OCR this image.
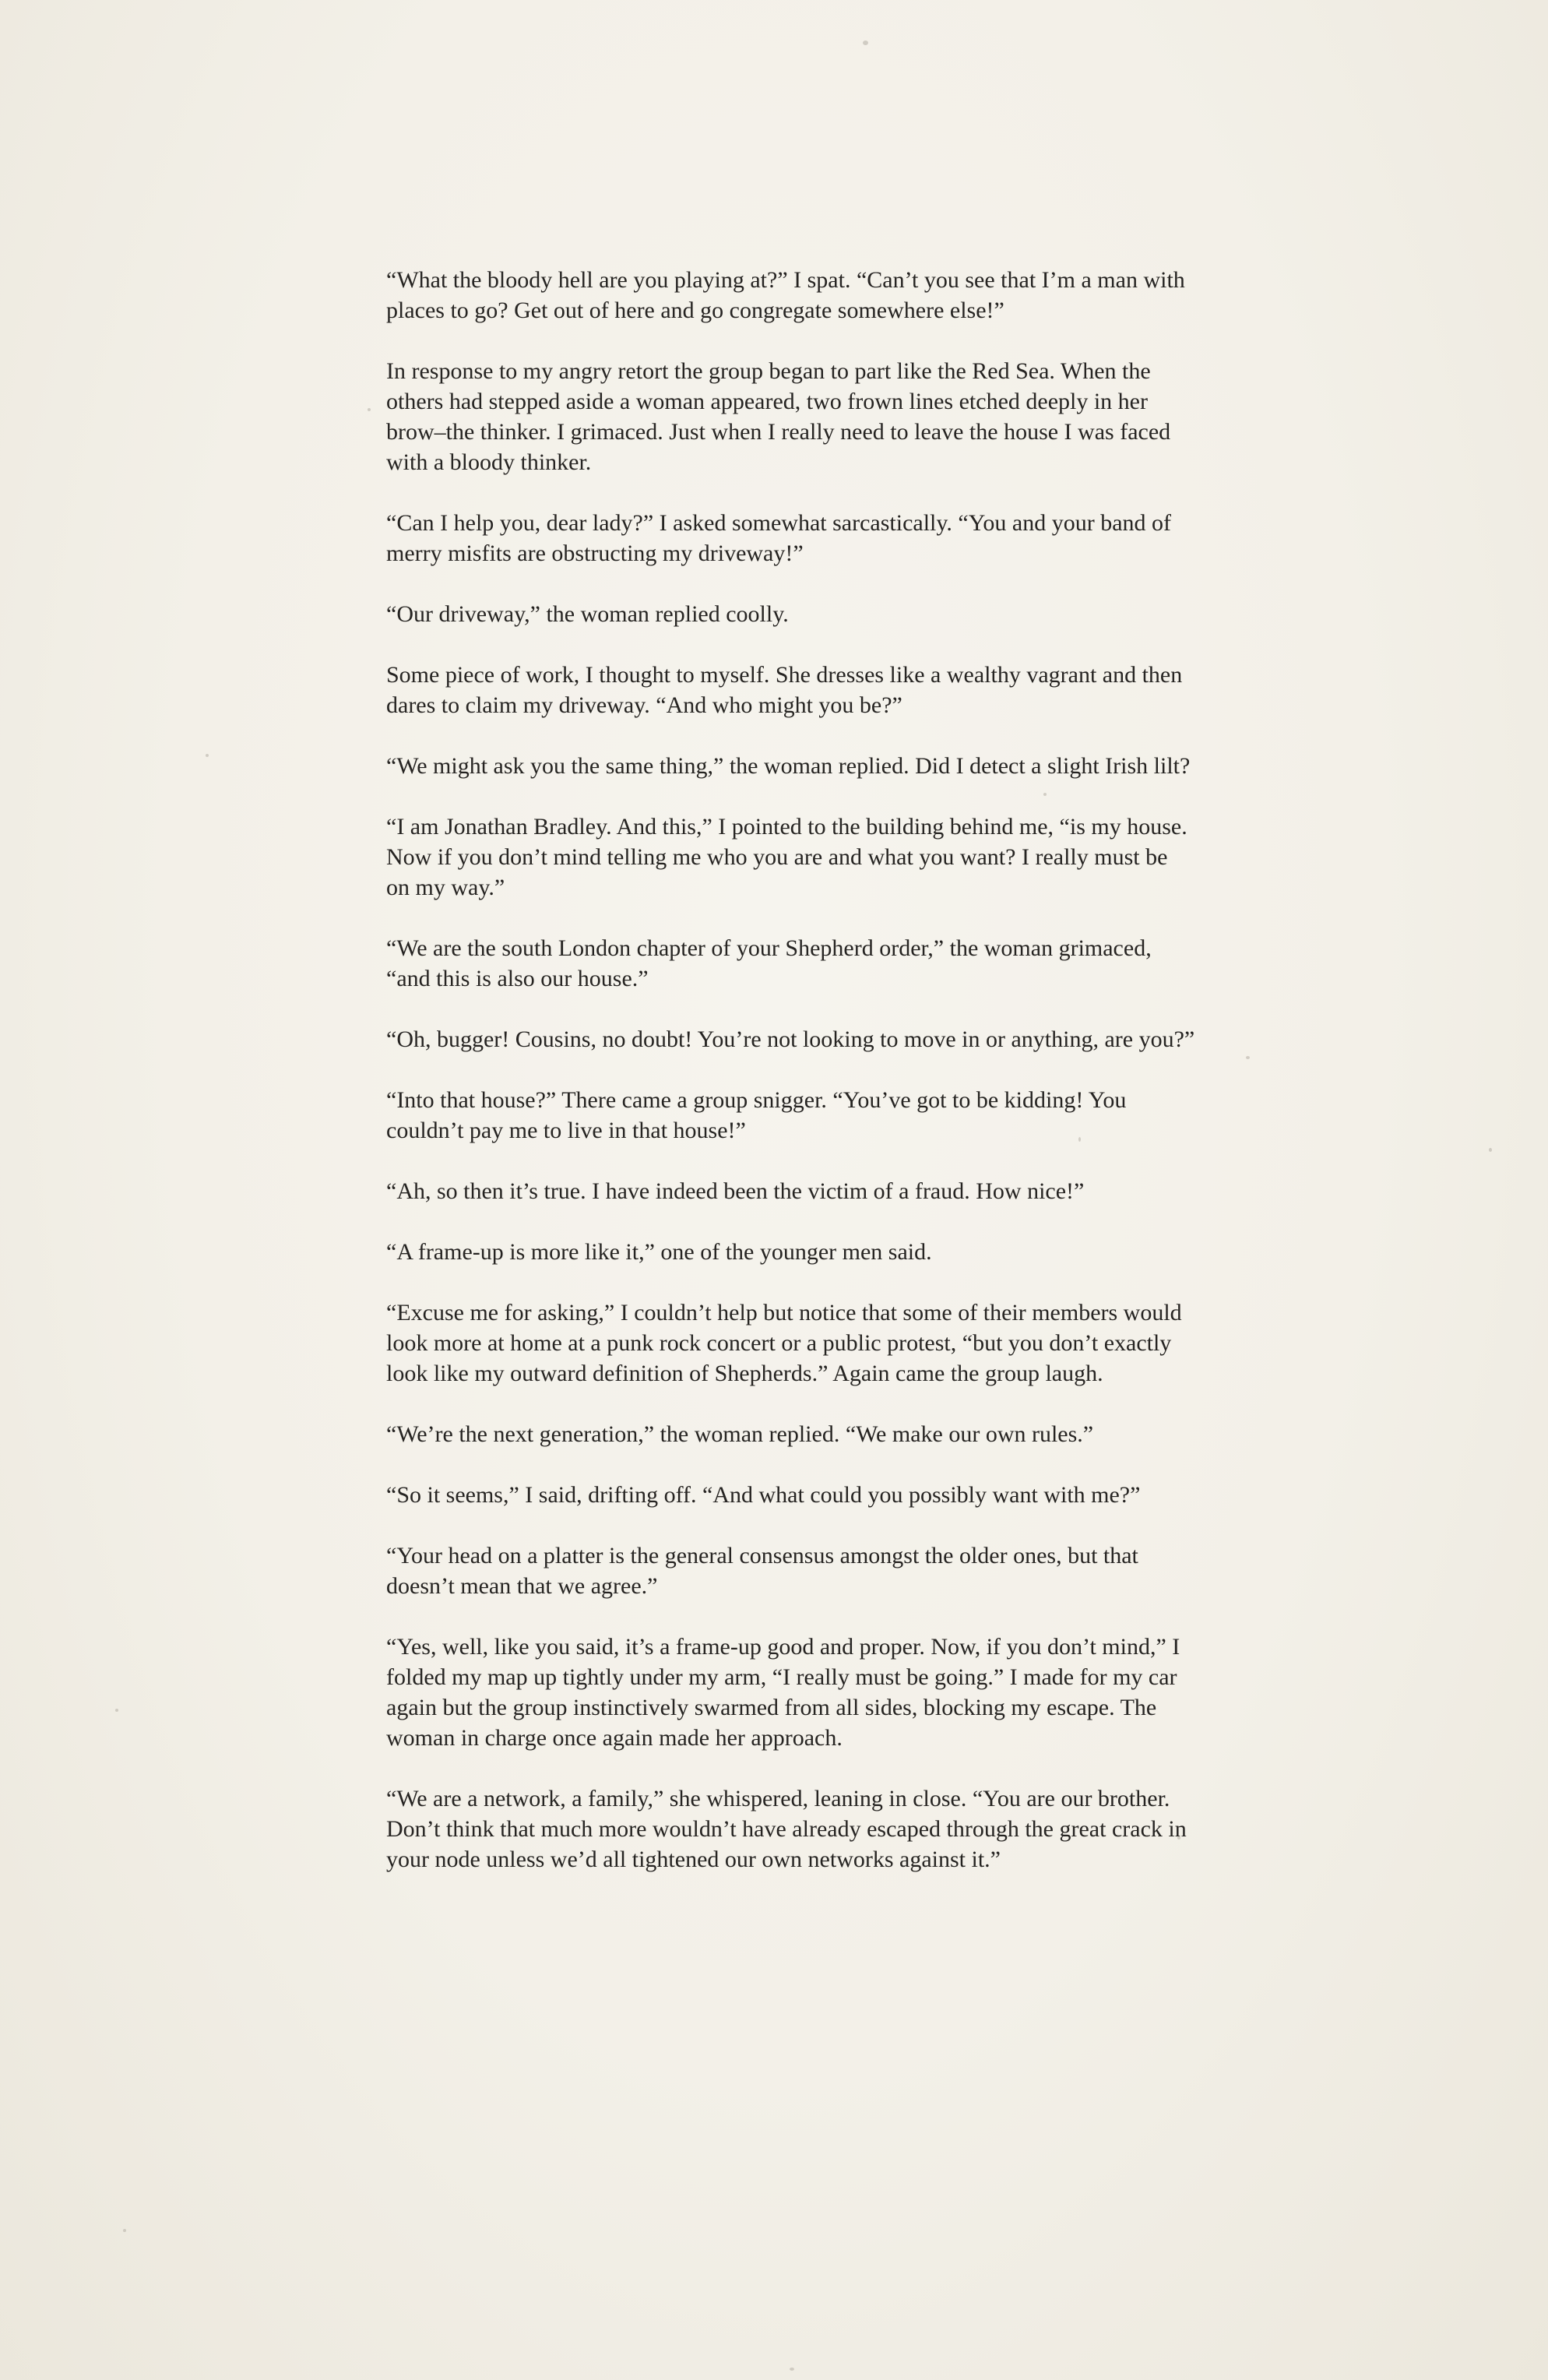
“What the bloody hell are you playing at?” I spat. “Can’t you see that I’m a man with places to go? Get out of here and go congregate somewhere else!”

In response to my angry retort the group began to part like the Red Sea. When the others had stepped aside a woman appeared, two frown lines etched deeply in her brow–the thinker. I grimaced. Just when I really need to leave the house I was faced with a bloody thinker.

“Can I help you, dear lady?” I asked somewhat sarcastically. “You and your band of merry misfits are obstructing my driveway!”

“Our driveway,” the woman replied coolly.

Some piece of work, I thought to myself. She dresses like a wealthy vagrant and then dares to claim my driveway. “And who might you be?”

“We might ask you the same thing,” the woman replied. Did I detect a slight Irish lilt?

“I am Jonathan Bradley. And this,” I pointed to the building behind me, “is my house. Now if you don’t mind telling me who you are and what you want? I really must be on my way.”

“We are the south London chapter of your Shepherd order,” the woman grimaced, “and this is also our house.”

“Oh, bugger! Cousins, no doubt! You’re not looking to move in or anything, are you?”

“Into that house?” There came a group snigger. “You’ve got to be kidding! You couldn’t pay me to live in that house!”

“Ah, so then it’s true. I have indeed been the victim of a fraud. How nice!”

“A frame-up is more like it,” one of the younger men said.

“Excuse me for asking,” I couldn’t help but notice that some of their members would look more at home at a punk rock concert or a public protest, “but you don’t exactly look like my outward definition of Shepherds.” Again came the group laugh.

“We’re the next generation,” the woman replied. “We make our own rules.”

“So it seems,” I said, drifting off. “And what could you possibly want with me?”

“Your head on a platter is the general consensus amongst the older ones, but that doesn’t mean that we agree.”

“Yes, well, like you said, it’s a frame-up good and proper. Now, if you don’t mind,” I folded my map up tightly under my arm, “I really must be going.” I made for my car again but the group instinctively swarmed from all sides, blocking my escape. The woman in charge once again made her approach.

“We are a network, a family,” she whispered, leaning in close. “You are our brother. Don’t think that much more wouldn’t have already escaped through the great crack in your node unless we’d all tightened our own networks against it.”
